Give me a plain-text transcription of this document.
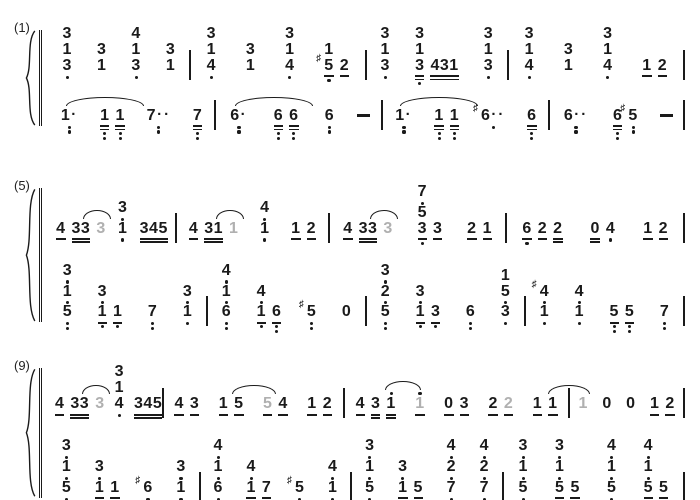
(1) 3
1
3
3
1
4
1
3
3
1
3
1
4
3
1
3
1
4
1
♯ 5 2
3
1
3
3
1
3 431
3
1
3
3
1
4
3
1
3
1
4 1 2
1 · 1 1 7 ·· 7 6 · 6 6 6	1 · 1 1 ♯ 6 ·· 6 6 ·· 6
♯ 5
(5)
4 33 3
3
1 345 4 31 1
4
1 1 2 4 33 3
7
5
3 3 2 1 6 2 2 0 4 1 2
3
1
5
3
1 1 7
3
1
4
1
6
4
1 6 ♯ 5 0
3
2
5
3
1 3 6
1
5
3
♯ 4
1
4
1 5 5 7
(9)
4 33 3
3
1
4 345 4 3 1 5 5 4 1 2 4 3 1 1 0 3 2 2 1 1 1 0 0 1 2
3
1
5
3
1 1 ♯ 6
3
1
4
1
6
4
1 7 ♯ 5
4
1
3
1
5
3
1 5
4
2
7
4
2
7
3
1
5
3
1
5 5
4
1
5
4
1
5 5
